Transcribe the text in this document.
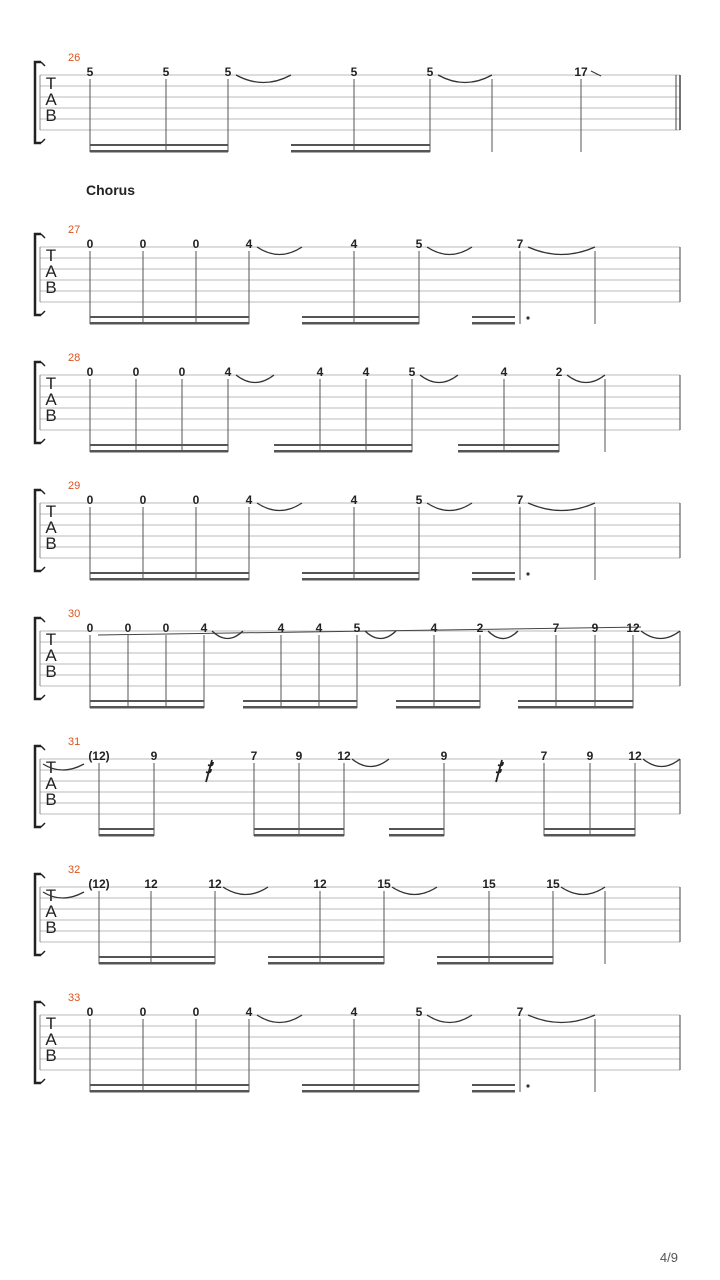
Chorus
4/9
26
T
A
B
5	5	5	5	5	17
27
T
A
B
0	0	0	4	4	5	7
28
T
A
B
0	0	0	4	4	4	5	4	2
29
T
A
B
0	0	0	4	4	5	7
30
T
A
B
0	0	0	4	4	4	5	4	2	7	9 12
31
T
A
B
(12)	9	7	9	12	9	7	9	12
32
T
A
B
(12)	12	12	12	15	15	15
33
T
A
B
0	0	0	4	4	5	7
